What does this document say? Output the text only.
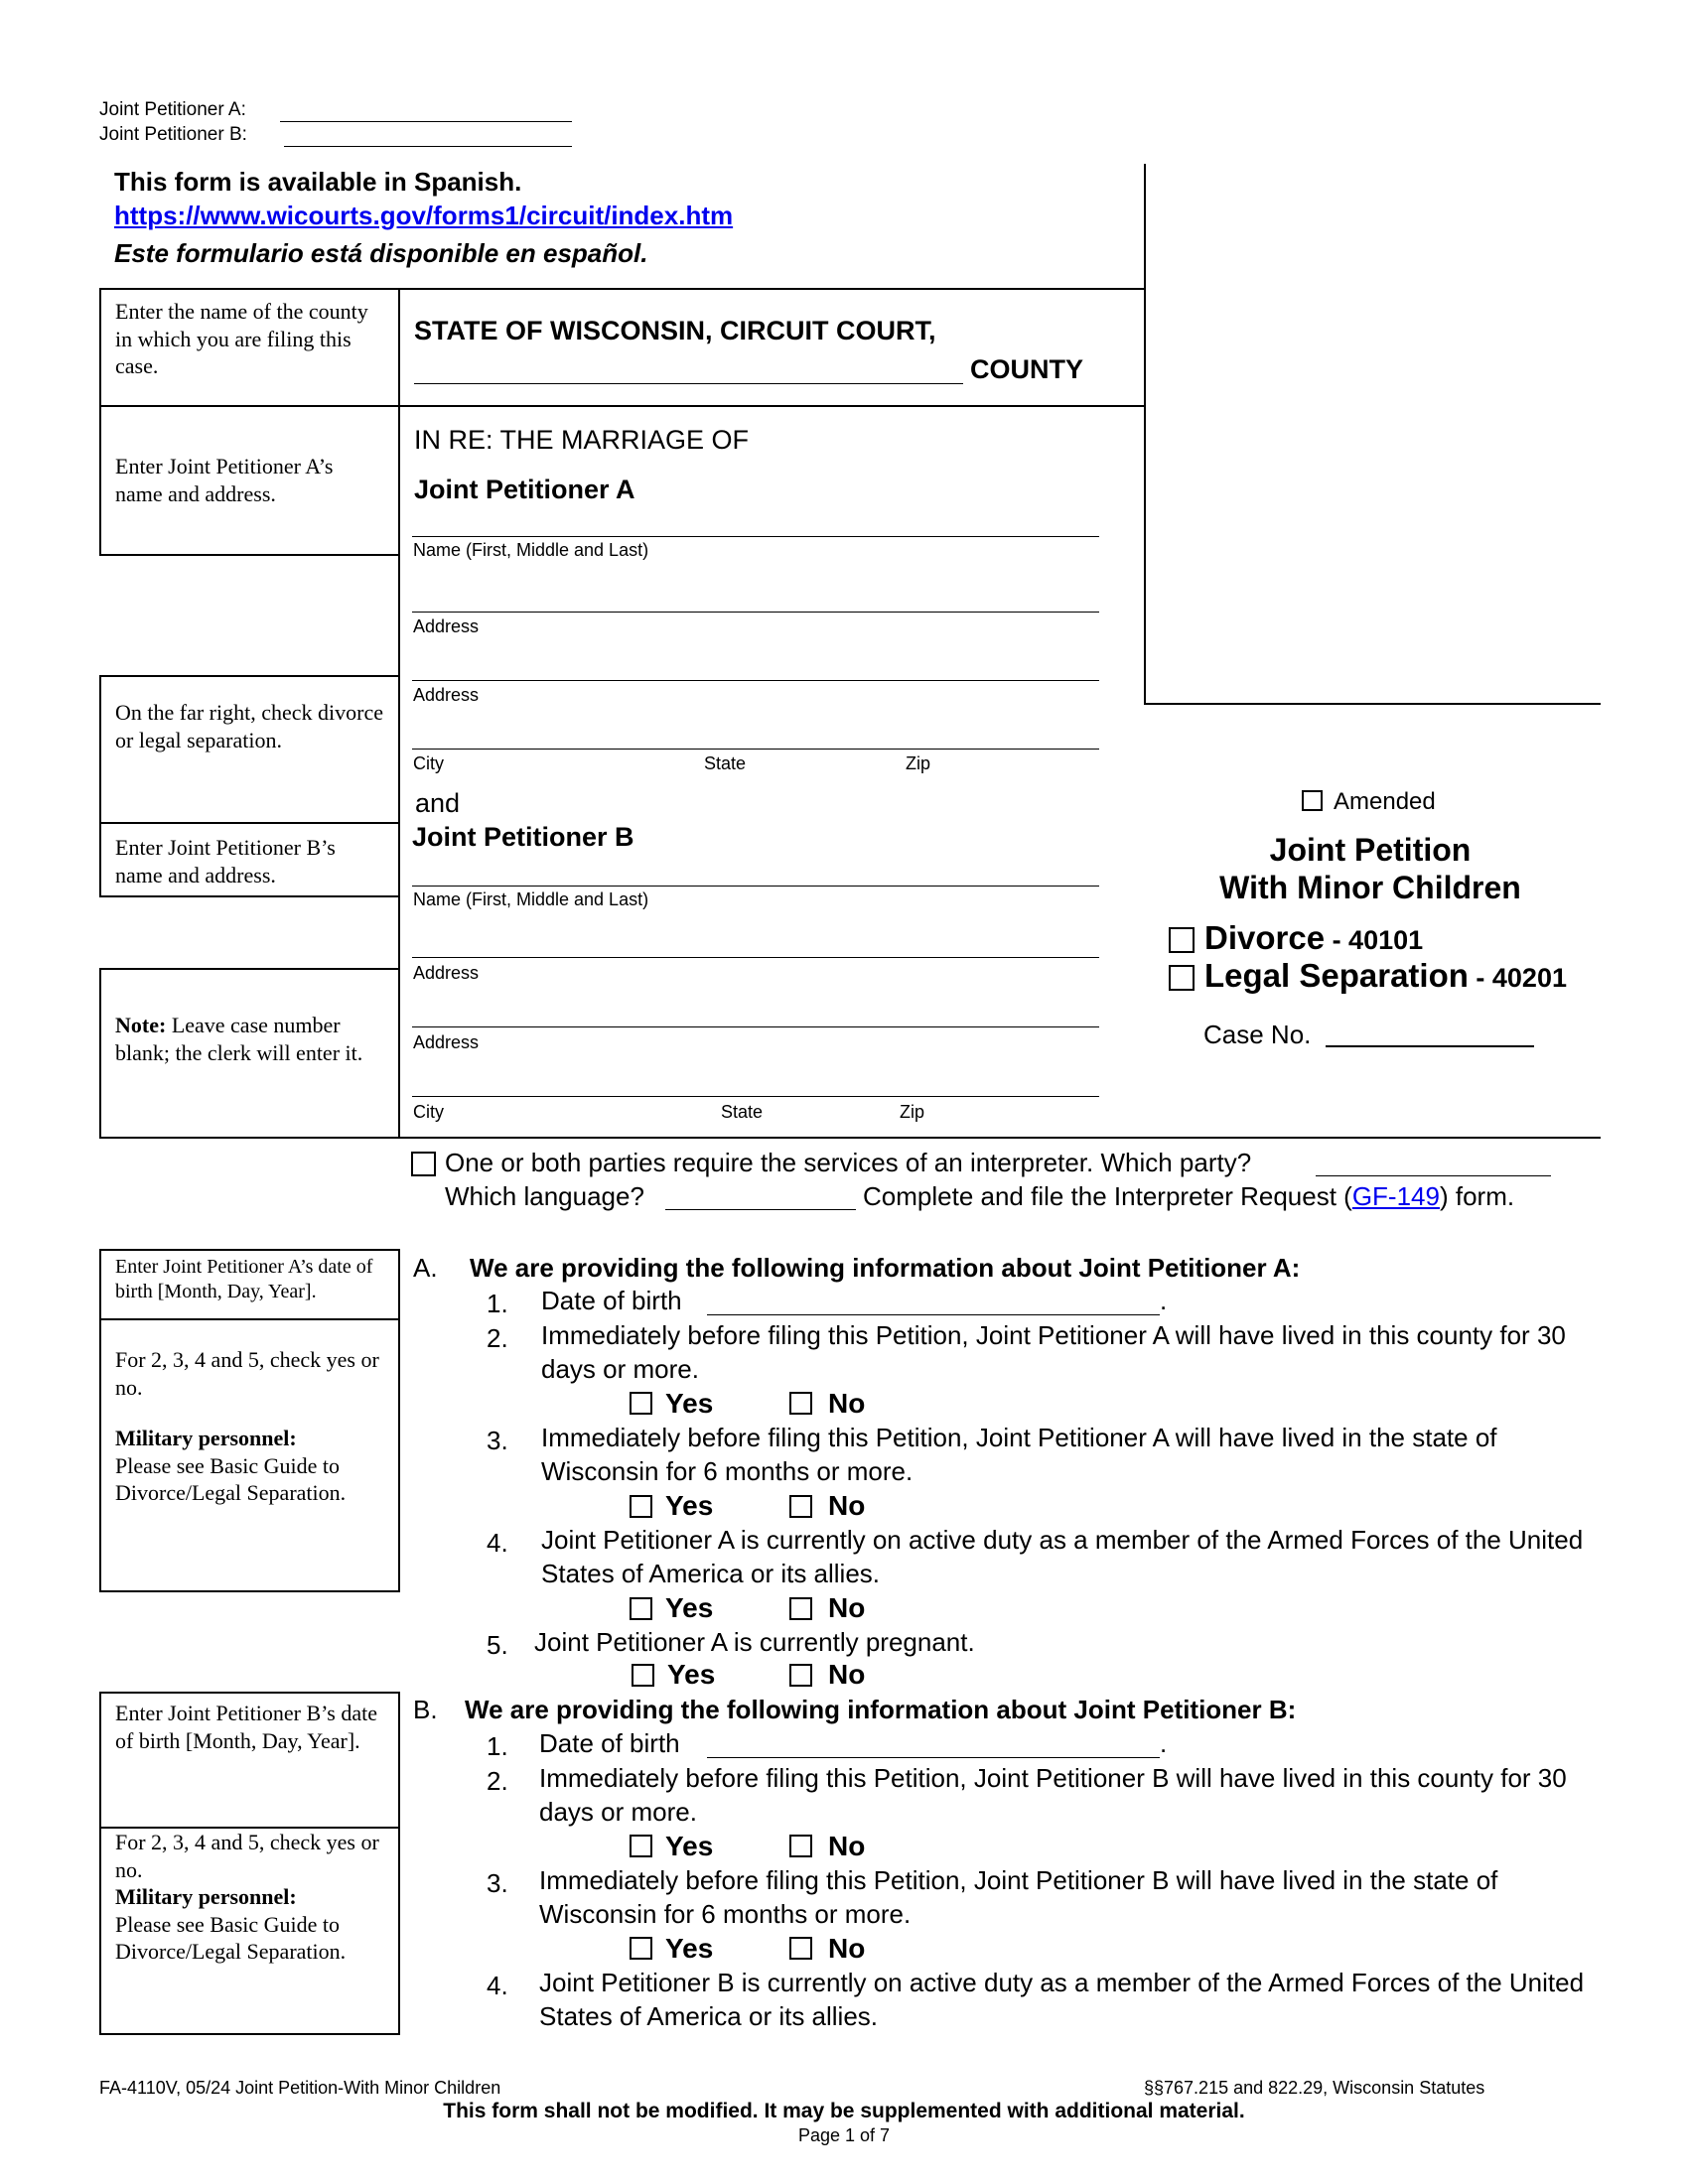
Joint Petitioner A:
Joint Petitioner B:
This form is available in Spanish.
https://www.wicourts.gov/forms1/circuit/index.htm
Este formulario está disponible en español.
Enter the name of the county in which you are filing this case.
Enter Joint Petitioner A’s name and address.
On the far right, check divorce or legal separation.
Enter Joint Petitioner B’s name and address.
Note: Leave case number blank; the clerk will enter it.
STATE OF WISCONSIN, CIRCUIT COURT,
COUNTY
IN RE: THE MARRIAGE OF
Joint Petitioner A
Name (First, Middle and Last)
Address
Address
City	State	Zip
and
Joint Petitioner B
Name (First, Middle and Last)
Address
Address
City	State	Zip
Amended
Joint Petition
With Minor Children
Divorce - 40101
Legal Separation - 40201
Case No.
One or both parties require the services of an interpreter. Which party?
Which language?	Complete and file the Interpreter Request (GF-149) form.
Enter Joint Petitioner A’s date of birth [Month, Day, Year].
For 2, 3, 4 and 5, check yes or no.
Military personnel:
Please see Basic Guide to Divorce/Legal Separation.
A. We are providing the following information about Joint Petitioner A:
1. Date of birth	.
2. Immediately before filing this Petition, Joint Petitioner A will have lived in this county for 30 days or more.
Yes	No
3. Immediately before filing this Petition, Joint Petitioner A will have lived in the state of Wisconsin for 6 months or more.
Yes	No
4. Joint Petitioner A is currently on active duty as a member of the Armed Forces of the United States of America or its allies.
Yes	No
5. Joint Petitioner A is currently pregnant.
Yes	No
Enter Joint Petitioner B’s date of birth [Month, Day, Year].
For 2, 3, 4 and 5, check yes or no.
Military personnel:
Please see Basic Guide to Divorce/Legal Separation.
B. We are providing the following information about Joint Petitioner B:
1. Date of birth	.
2. Immediately before filing this Petition, Joint Petitioner B will have lived in this county for 30 days or more.
Yes	No
3. Immediately before filing this Petition, Joint Petitioner B will have lived in the state of Wisconsin for 6 months or more.
Yes	No
4. Joint Petitioner B is currently on active duty as a member of the Armed Forces of the United States of America or its allies.
FA-4110V, 05/24 Joint Petition-With Minor Children	§§767.215 and 822.29, Wisconsin Statutes
This form shall not be modified. It may be supplemented with additional material.
Page 1 of 7
